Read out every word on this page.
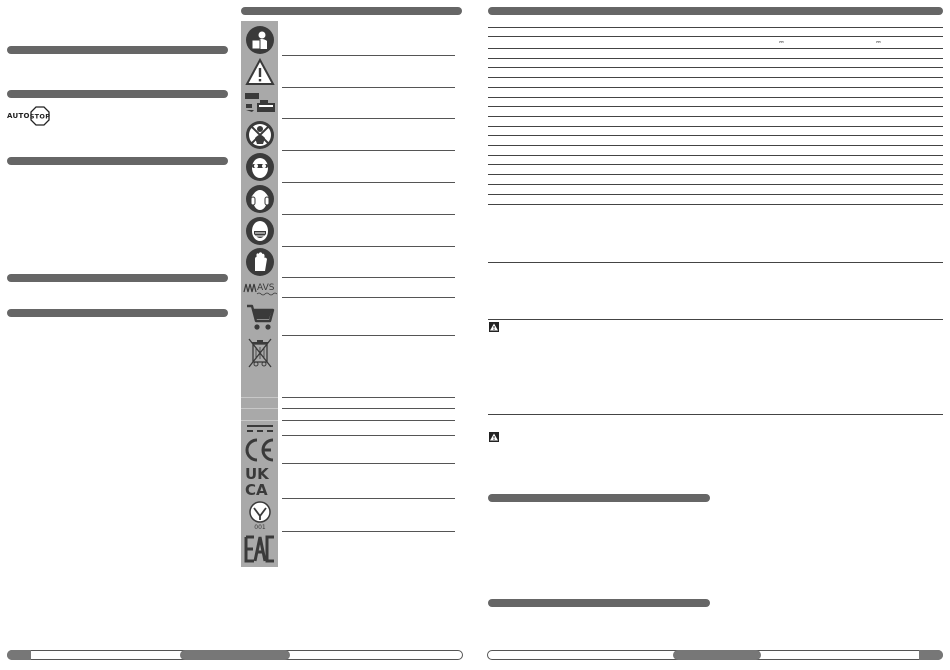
AUTO STOP
AVS
UK
CA
001
⎓	⎓
